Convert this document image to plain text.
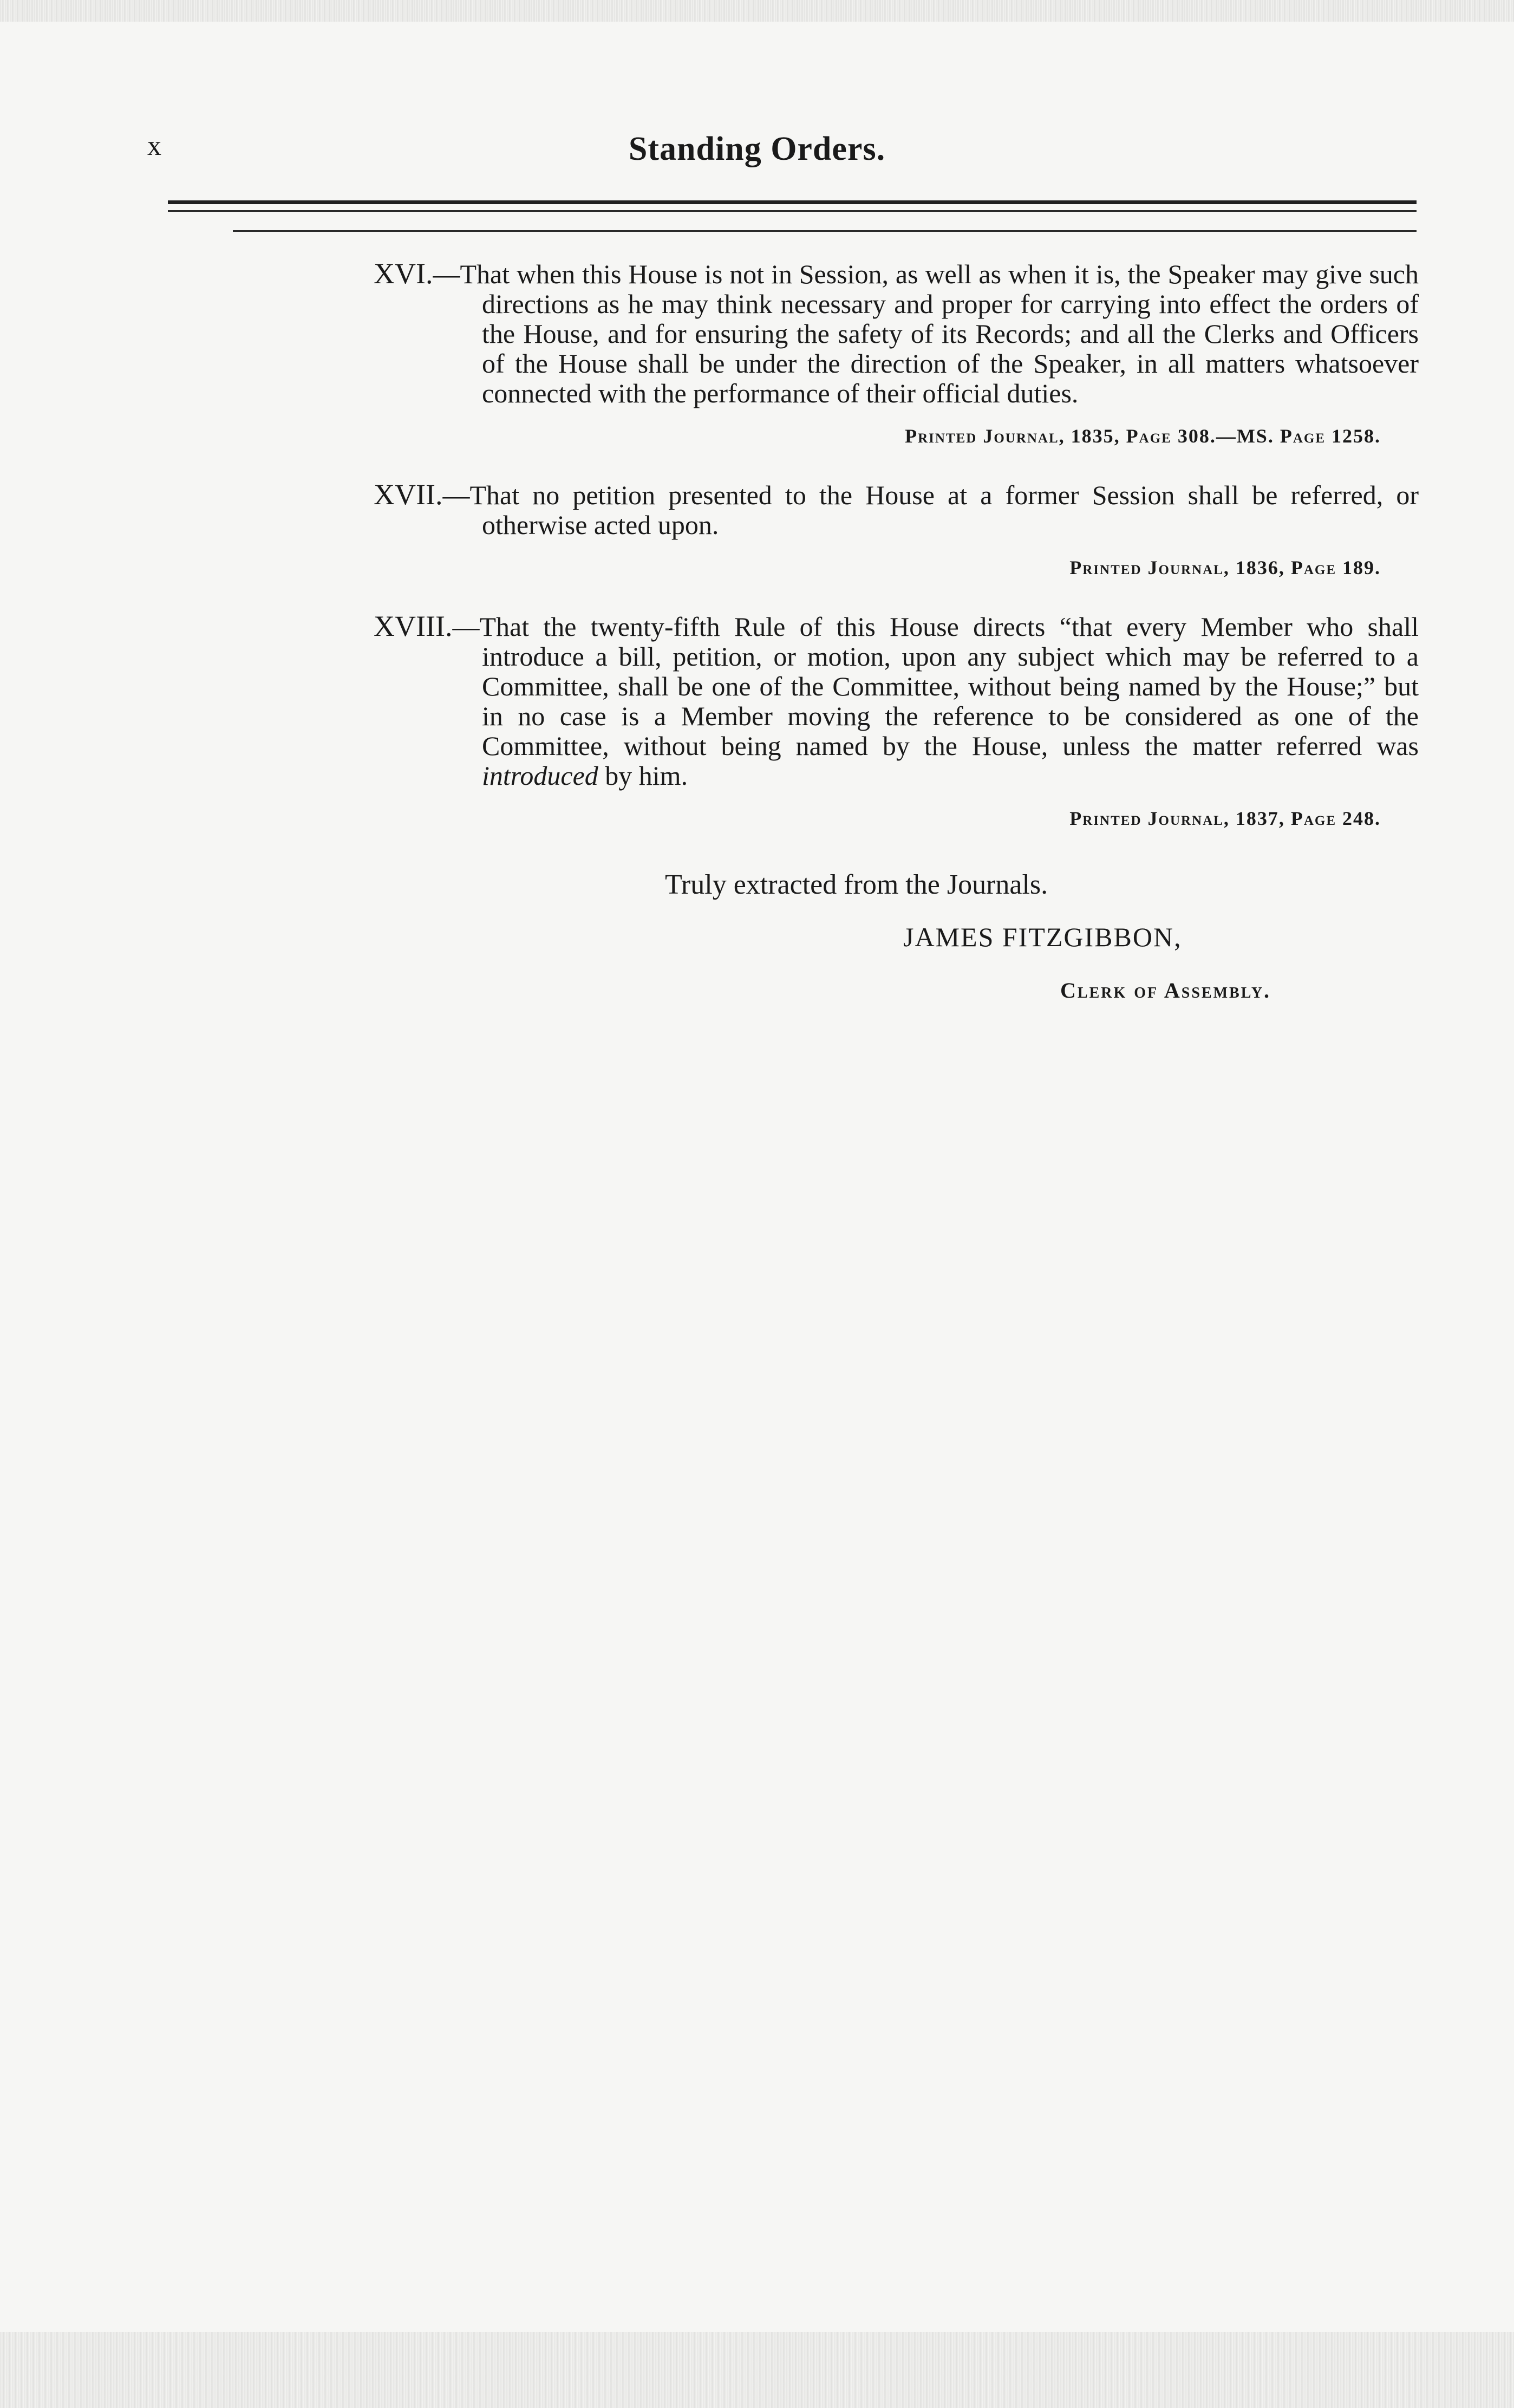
x	Standing Orders.
XVI.—That when this House is not in Session, as well as when it is, the Speaker may give such directions as he may think necessary and proper for carrying into effect the orders of the House, and for ensuring the safety of its Records; and all the Clerks and Officers of the House shall be under the direction of the Speaker, in all matters whatsoever connected with the performance of their official duties.
Printed Journal, 1835, Page 308.—MS. Page 1258.
XVII.—That no petition presented to the House at a former Session shall be referred, or otherwise acted upon.
Printed Journal, 1836, Page 189.
XVIII.—That the twenty-fifth Rule of this House directs “that every Member who shall introduce a bill, petition, or motion, upon any subject which may be referred to a Committee, shall be one of the Committee, without being named by the House;” but in no case is a Member moving the reference to be considered as one of the Committee, without being named by the House, unless the matter referred was introduced by him.
Printed Journal, 1837, Page 248.
Truly extracted from the Journals.
JAMES FITZGIBBON,
Clerk of Assembly.
